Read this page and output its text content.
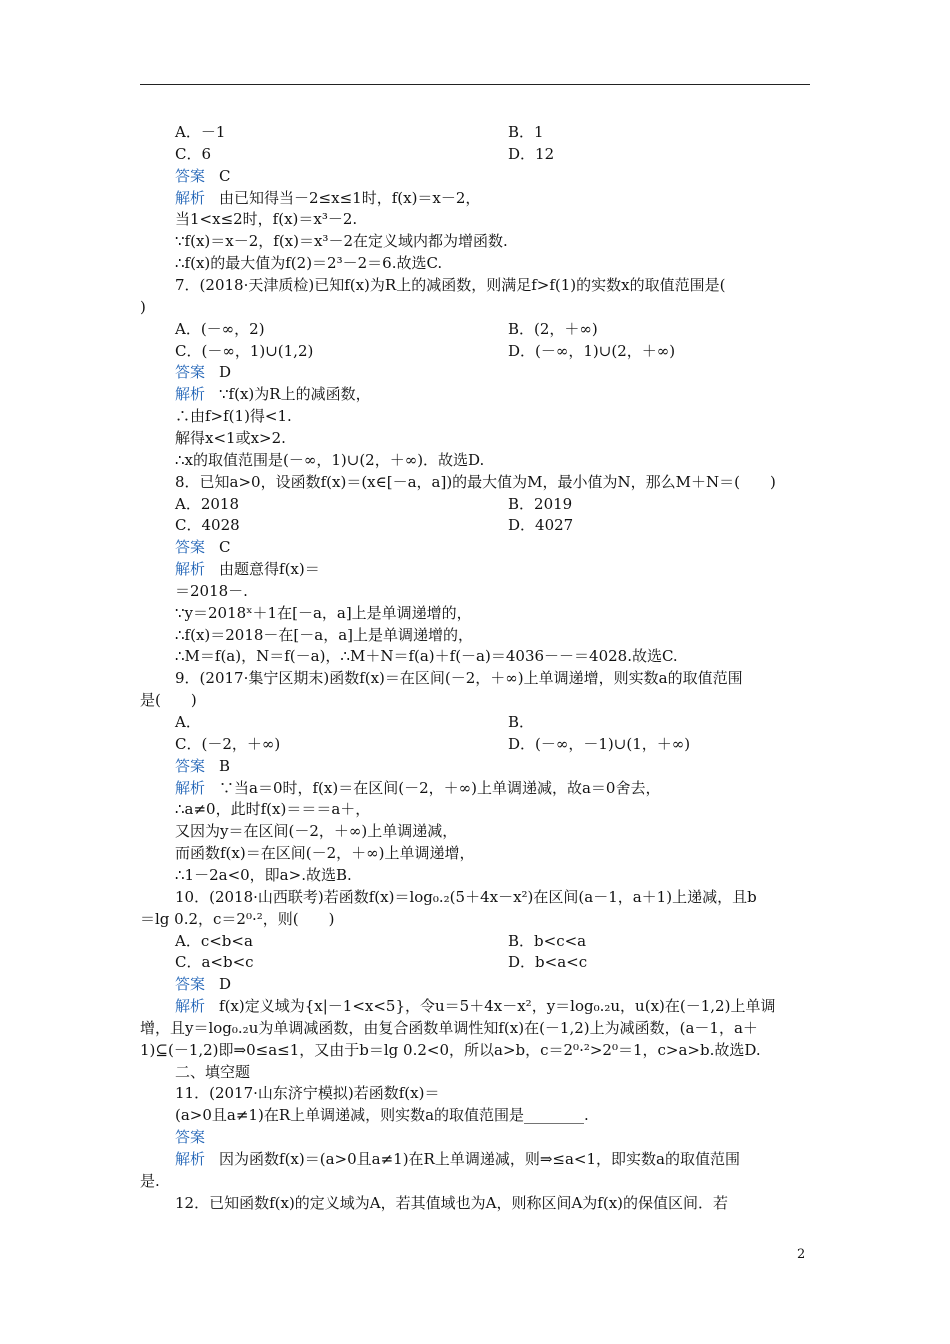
A．－1	B．1
C．6	D．12
答案 C
解析 由已知得当－2≤x≤1时，f(x)＝x－2，
当1<x≤2时，f(x)＝x³－2.
∵f(x)＝x－2，f(x)＝x³－2在定义域内都为增函数.
∴f(x)的最大值为f(2)＝2³－2＝6.故选C.
7．(2018·天津质检)已知f(x)为R上的减函数，则满足f>f(1)的实数x的取值范围是(
)
A．(－∞，2)	B．(2，＋∞)
C．(－∞，1)∪(1,2)	D．(－∞，1)∪(2，＋∞)
答案 D
解析 ∵f(x)为R上的减函数，
∴由f>f(1)得<1.
解得x<1或x>2.
∴x的取值范围是(－∞，1)∪(2，＋∞)．故选D.
8．已知a>0，设函数f(x)＝(x∈[－a，a])的最大值为M，最小值为N，那么M＋N＝(　　)
A．2018	B．2019
C．4028	D．4027
答案 C
解析 由题意得f(x)＝
＝2018－.
∵y＝2018ˣ＋1在[－a，a]上是单调递增的，
∴f(x)＝2018－在[－a，a]上是单调递增的，
∴M＝f(a)，N＝f(－a)，∴M＋N＝f(a)＋f(－a)＝4036－－＝4028.故选C.
9．(2017·集宁区期末)函数f(x)＝在区间(－2，＋∞)上单调递增，则实数a的取值范围
是(　　)
A．	B．
C．(－2，＋∞)	D．(－∞，－1)∪(1，＋∞)
答案 B
解析 ∵当a＝0时，f(x)＝在区间(－2，＋∞)上单调递减，故a＝0舍去，
∴a≠0，此时f(x)＝＝＝a＋，
又因为y＝在区间(－2，＋∞)上单调递减，
而函数f(x)＝在区间(－2，＋∞)上单调递增，
∴1－2a<0，即a>.故选B.
10．(2018·山西联考)若函数f(x)＝log₀.₂(5＋4x－x²)在区间(a－1，a＋1)上递减，且b
＝lg 0.2，c＝2⁰·²，则(　　)
A．c<b<a	B．b<c<a
C．a<b<c	D．b<a<c
答案 D
解析 f(x)定义域为{x|－1<x<5}，令u＝5＋4x－x²，y＝log₀.₂u，u(x)在(－1,2)上单调
增，且y＝log₀.₂u为单调减函数，由复合函数单调性知f(x)在(－1,2)上为减函数，(a－1，a＋
1)⊆(－1,2)即⇒0≤a≤1，又由于b＝lg 0.2<0，所以a>b，c＝2⁰·²>2⁰＝1，c>a>b.故选D.
二、填空题
11．(2017·山东济宁模拟)若函数f(x)＝
(a>0且a≠1)在R上单调递减，则实数a的取值范围是________.
答案
解析 因为函数f(x)＝(a>0且a≠1)在R上单调递减，则⇒≤a<1，即实数a的取值范围
是.
12．已知函数f(x)的定义域为A，若其值域也为A，则称区间A为f(x)的保值区间．若
2
